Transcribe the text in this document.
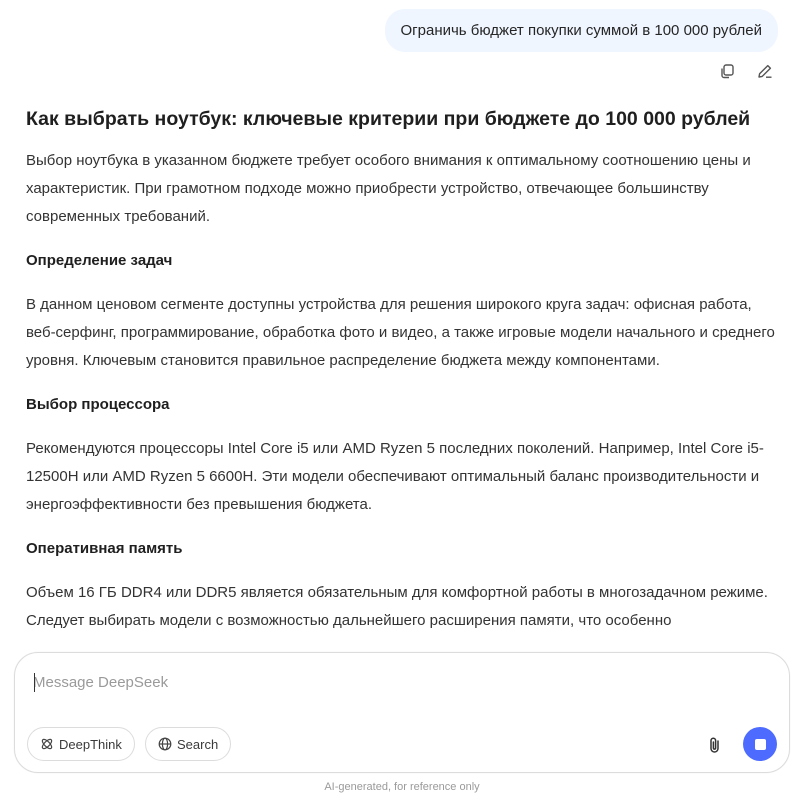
Ограничь бюджет покупки суммой в 100 000 рублей
Как выбрать ноутбук: ключевые критерии при бюджете до 100 000 рублей

Выбор ноутбука в указанном бюджете требует особого внимания к оптимальному соотношению цены и характеристик. При грамотном подходе можно приобрести устройство, отвечающее большинству современных требований.

Определение задач

В данном ценовом сегменте доступны устройства для решения широкого круга задач: офисная работа, веб-серфинг, программирование, обработка фото и видео, а также игровые модели начального и среднего уровня. Ключевым становится правильное распределение бюджета между компонентами.

Выбор процессора

Рекомендуются процессоры Intel Core i5 или AMD Ryzen 5 последних поколений. Например, Intel Core i5-12500H или AMD Ryzen 5 6600H. Эти модели обеспечивают оптимальный баланс производительности и энергоэффективности без превышения бюджета.

Оперативная память

Объем 16 ГБ DDR4 или DDR5 является обязательным для комфортной работы в многозадачном режиме. Следует выбирать модели с возможностью дальнейшего расширения памяти, что особенно

Message DeepSeek
DeepThink	Search
AI-generated, for reference only
